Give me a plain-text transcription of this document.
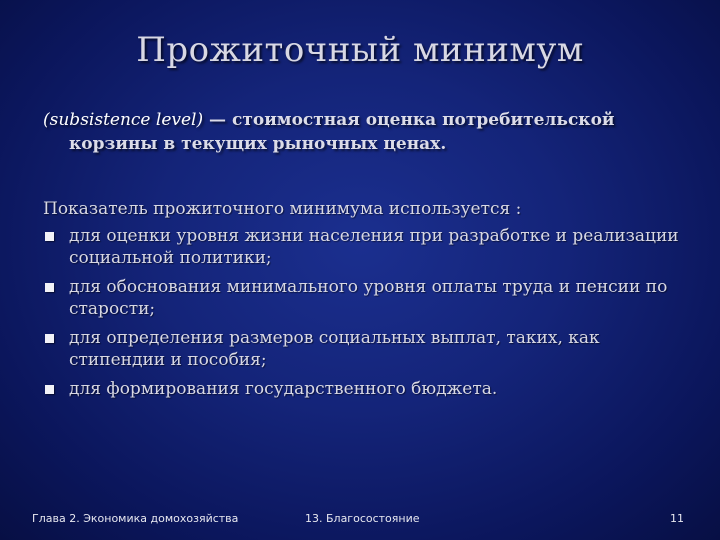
Прожиточный минимум
(subsistence level) — стоимостная оценка потребительской
корзины в текущих рыночных ценах.
Показатель прожиточного минимума используется :
для оценки уровня жизни населения при разработке и реализации социальной политики;
для обоснования минимального уровня оплаты труда и пенсии по старости;
для определения размеров социальных выплат, таких, как стипендии и пособия;
для формирования государственного бюджета.
Глава 2. Экономика домохозяйства	13. Благосостояние	11
